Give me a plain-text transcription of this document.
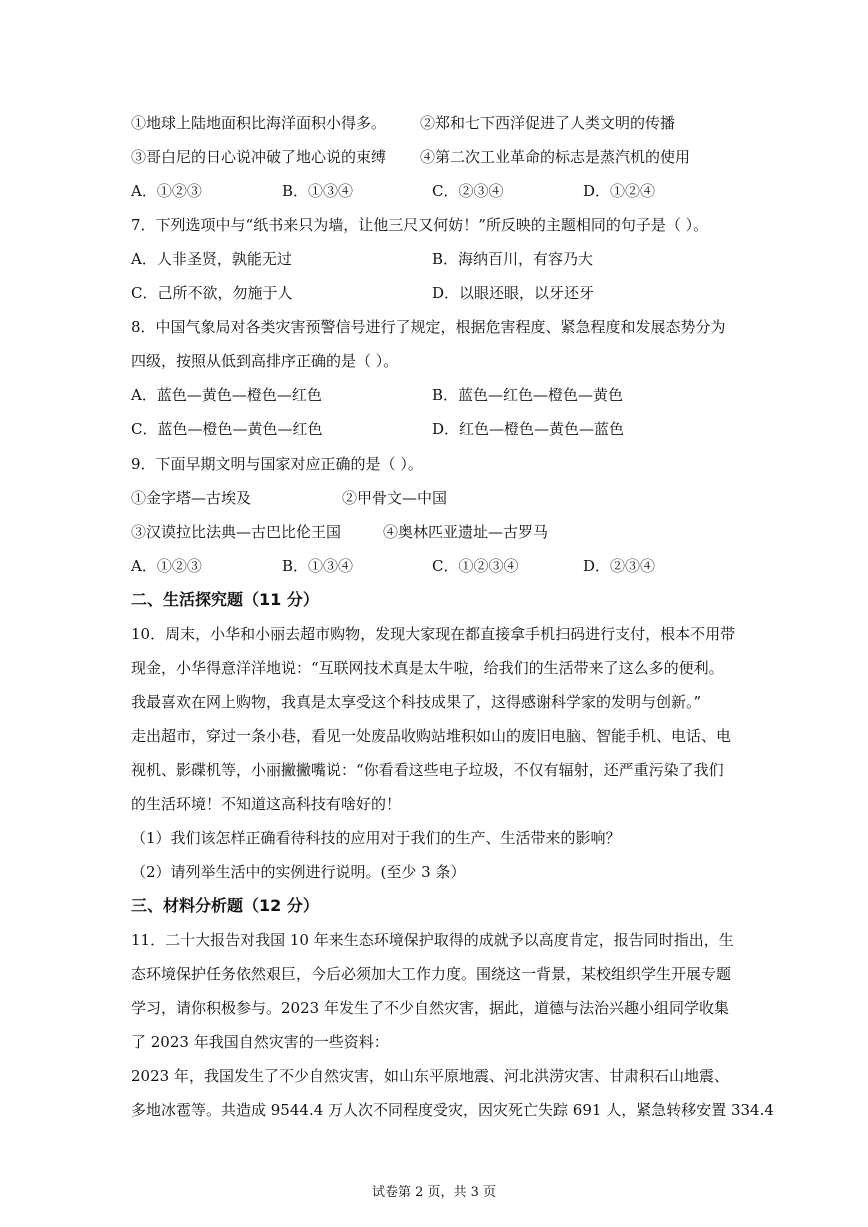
①地球上陆地面积比海洋面积小得多。 ②郑和七下西洋促进了人类文明的传播
③哥白尼的日心说冲破了地心说的束缚 ④第二次工业革命的标志是蒸汽机的使用
A．①②③	B．①③④	C．②③④	D．①②④
7．下列选项中与“纸书来只为墙，让他三尺又何妨！”所反映的主题相同的句子是（ ）。
A．人非圣贤，孰能无过	B．海纳百川，有容乃大
C．己所不欲，勿施于人	D．以眼还眼，以牙还牙
8．中国气象局对各类灾害预警信号进行了规定，根据危害程度、紧急程度和发展态势分为
四级，按照从低到高排序正确的是（ ）。
A．蓝色—黄色—橙色—红色	B．蓝色—红色—橙色—黄色
C．蓝色—橙色—黄色—红色	D．红色—橙色—黄色—蓝色
9．下面早期文明与国家对应正确的是（ ）。
①金字塔—古埃及	②甲骨文—中国
③汉谟拉比法典—古巴比伦王国	④奥林匹亚遗址—古罗马
A．①②③	B．①③④	C．①②③④	D．②③④
二、生活探究题（11 分）
10．周末，小华和小丽去超市购物，发现大家现在都直接拿手机扫码进行支付，根本不用带
现金，小华得意洋洋地说：“互联网技术真是太牛啦，给我们的生活带来了这么多的便利。
我最喜欢在网上购物，我真是太享受这个科技成果了，这得感谢科学家的发明与创新。”
走出超市，穿过一条小巷，看见一处废品收购站堆积如山的废旧电脑、智能手机、电话、电
视机、影碟机等，小丽撇撇嘴说：“你看看这些电子垃圾，不仅有辐射，还严重污染了我们
的生活环境！不知道这高科技有啥好的！
（1）我们该怎样正确看待科技的应用对于我们的生产、生活带来的影响？
（2）请列举生活中的实例进行说明。(至少 3 条）
三、材料分析题（12 分）
11．二十大报告对我国 10 年来生态环境保护取得的成就予以高度肯定，报告同时指出，生
态环境保护任务依然艰巨，今后必须加大工作力度。围绕这一背景，某校组织学生开展专题
学习，请你积极参与。2023 年发生了不少自然灾害，据此，道德与法治兴趣小组同学收集
了 2023 年我国自然灾害的一些资料：
2023 年，我国发生了不少自然灾害，如山东平原地震、河北洪涝灾害、甘肃积石山地震、
多地冰雹等。共造成 9544.4 万人次不同程度受灾，因灾死亡失踪 691 人，紧急转移安置 334.4
试卷第 2 页，共 3 页
